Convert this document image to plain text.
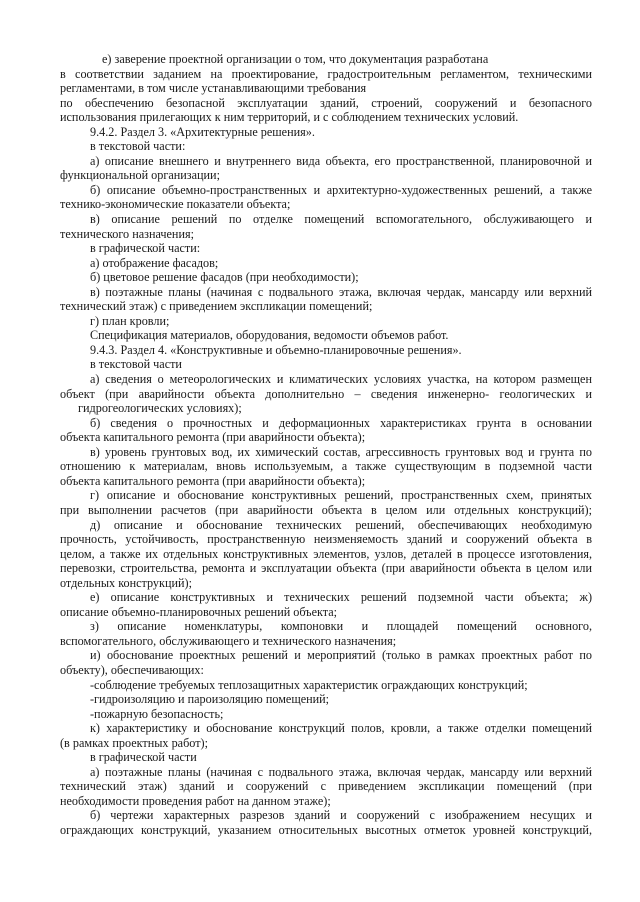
е) заверение проектной организации о том, что документация разработана
в соответствии заданием на проектирование, градостроительным регламентом, техническими
регламентами, в том числе устанавливающими требования
по обеспечению безопасной эксплуатации зданий, строений, сооружений и безопасного
использования прилегающих к ним территорий, и с соблюдением технических условий.
9.4.2. Раздел 3. «Архитектурные решения».
в текстовой части:
а) описание внешнего и внутреннего вида объекта, его пространственной, планировочной и
функциональной организации;
б) описание объемно-пространственных и архитектурно-художественных решений, а также
технико-экономические показатели объекта;
в) описание решений по отделке помещений вспомогательного, обслуживающего и
технического назначения;
в графической части:
а) отображение фасадов;
б) цветовое решение фасадов (при необходимости);
в) поэтажные планы (начиная с подвального этажа, включая чердак, мансарду или верхний
технический этаж) с приведением экспликации помещений;
г) план кровли;
Спецификация материалов, оборудования, ведомости объемов работ.
9.4.3. Раздел 4. «Конструктивные и объемно-планировочные решения».
в текстовой части
а) сведения о метеорологических и климатических условиях участка, на котором размещен
объект (при аварийности объекта дополнительно – сведения инженерно- геологических и
гидрогеологических условиях);
б) сведения о прочностных и деформационных характеристиках грунта в основании
объекта капитального ремонта (при аварийности объекта);
в) уровень грунтовых вод, их химический состав, агрессивность грунтовых вод и грунта по
отношению к материалам, вновь используемым, а также существующим в подземной части
объекта капитального ремонта (при аварийности объекта);
г) описание и обоснование конструктивных решений, пространственных схем, принятых
при выполнении расчетов (при аварийности объекта в целом или отдельных конструкций);
д) описание и обоснование технических решений, обеспечивающих необходимую
прочность, устойчивость, пространственную неизменяемость зданий и сооружений объекта в
целом, а также их отдельных конструктивных элементов, узлов, деталей в процессе изготовления,
перевозки, строительства, ремонта и эксплуатации объекта (при аварийности объекта в целом или
отдельных конструкций);
е) описание конструктивных и технических решений подземной части объекта; ж)
описание объемно-планировочных решений объекта;
з) описание номенклатуры, компоновки и площадей помещений основного,
вспомогательного, обслуживающего и технического назначения;
и) обоснование проектных решений и мероприятий (только в рамках проектных работ по
объекту), обеспечивающих:
-соблюдение требуемых теплозащитных характеристик ограждающих конструкций;
-гидроизоляцию и пароизоляцию помещений;
-пожарную безопасность;
к) характеристику и обоснование конструкций полов, кровли, а также отделки помещений
(в рамках проектных работ);
в графической части
а) поэтажные планы (начиная с подвального этажа, включая чердак, мансарду или верхний
технический этаж) зданий и сооружений с приведением экспликации помещений (при
необходимости проведения работ на данном этаже);
б) чертежи характерных разрезов зданий и сооружений с изображением несущих и
ограждающих конструкций, указанием относительных высотных отметок уровней конструкций,
